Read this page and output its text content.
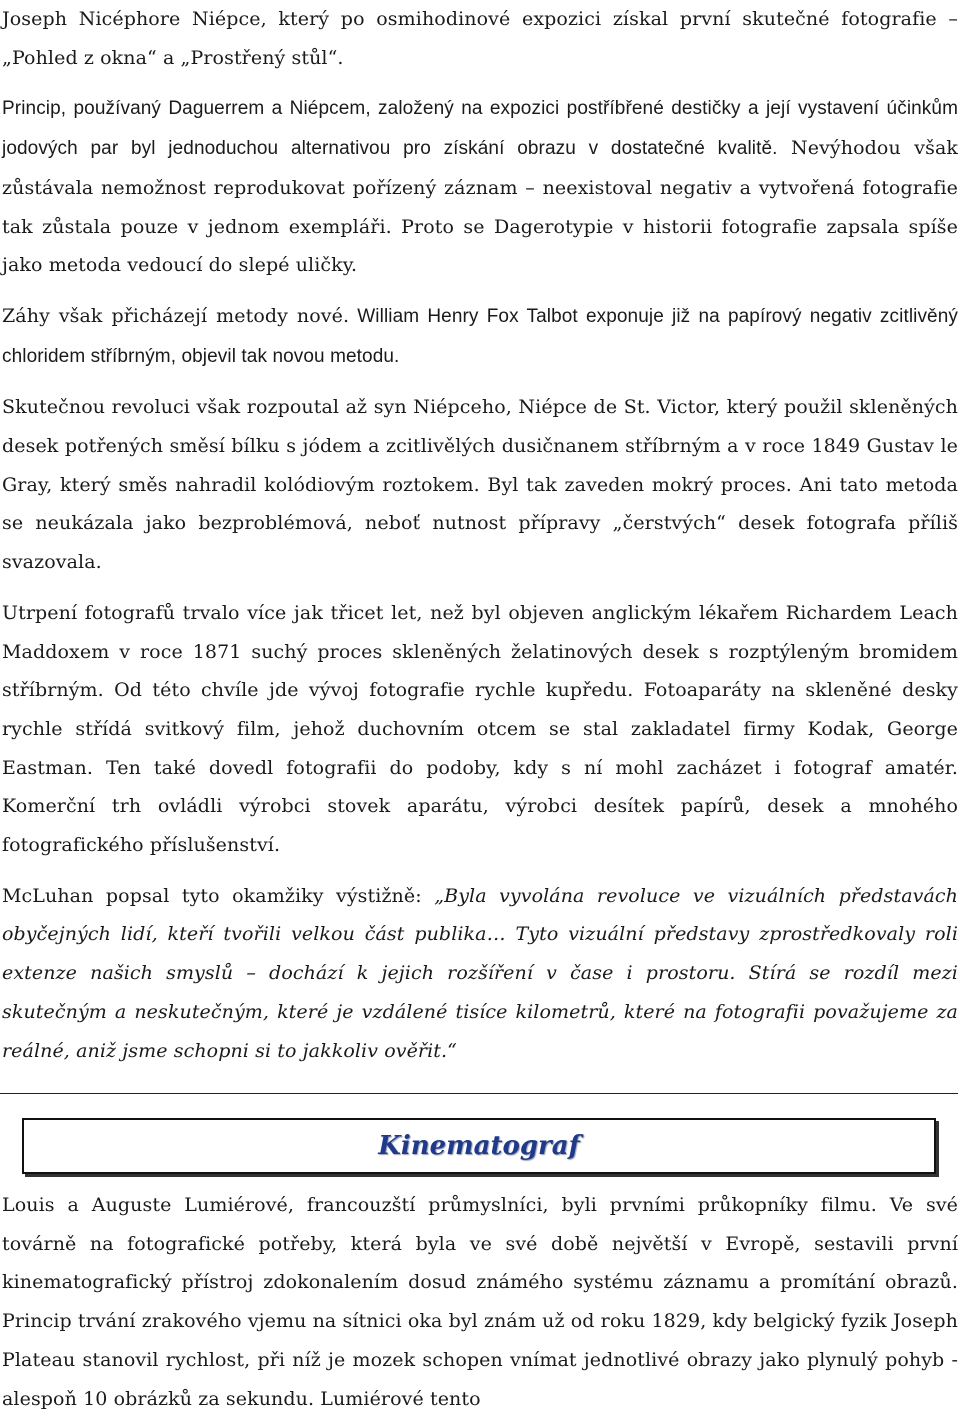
Joseph Nicéphore Niépce, který po osmihodinové expozici získal první skutečné fotografie – „Pohled z okna“ a „Prostřený stůl“.

Princip, používaný Daguerrem a Niépcem, založený na expozici postříbřené destičky a její vystavení účinkům jodových par byl jednoduchou alternativou pro získání obrazu v dostatečné kvalitě. Nevýhodou však zůstávala nemožnost reprodukovat pořízený záznam – neexistoval negativ a vytvořená fotografie tak zůstala pouze v jednom exempláři. Proto se Dagerotypie v historii fotografie zapsala spíše jako metoda vedoucí do slepé uličky.

Záhy však přicházejí metody nové. William Henry Fox Talbot exponuje již na papírový negativ zcitlivěný chloridem stříbrným, objevil tak novou metodu.

Skutečnou revoluci však rozpoutal až syn Niépceho, Niépce de St. Victor, který použil skleněných desek potřených směsí bílku s jódem a zcitlivělých dusičnanem stříbrným a v roce 1849 Gustav le Gray, který směs nahradil kolódiovým roztokem. Byl tak zaveden mokrý proces. Ani tato metoda se neukázala jako bezproblémová, neboť nutnost přípravy „čerstvých“ desek fotografa příliš svazovala.

Utrpení fotografů trvalo více jak třicet let, než byl objeven anglickým lékařem Richardem Leach Maddoxem v roce 1871 suchý proces skleněných želatinových desek s rozptýleným bromidem stříbrným. Od této chvíle jde vývoj fotografie rychle kupředu. Fotoaparáty na skleněné desky rychle střídá svitkový film, jehož duchovním otcem se stal zakladatel firmy Kodak, George Eastman. Ten také dovedl fotografii do podoby, kdy s ní mohl zacházet i fotograf amatér. Komerční trh ovládli výrobci stovek aparátu, výrobci desítek papírů, desek a mnohého fotografického příslušenství.

McLuhan popsal tyto okamžiky výstižně: „Byla vyvolána revoluce ve vizuálních představách obyčejných lidí, kteří tvořili velkou část publika… Tyto vizuální představy zprostředkovaly roli extenze našich smyslů – dochází k jejich rozšíření v čase i prostoru. Stírá se rozdíl mezi skutečným a neskutečným, které je vzdálené tisíce kilometrů, které na fotografii považujeme za reálné, aniž jsme schopni si to jakkoliv ověřit.“

Kinematograf

Louis a Auguste Lumiérové, francouzští průmyslníci, byli prvními průkopníky filmu. Ve své továrně na fotografické potřeby, která byla ve své době největší v Evropě, sestavili první kinematografický přístroj zdokonalením dosud známého systému záznamu a promítání obrazů. Princip trvání zrakového vjemu na sítnici oka byl znám už od roku 1829, kdy belgický fyzik Joseph Plateau stanovil rychlost, při níž je mozek schopen vnímat jednotlivé obrazy jako plynulý pohyb - alespoň 10 obrázků za sekundu. Lumiérové tento
